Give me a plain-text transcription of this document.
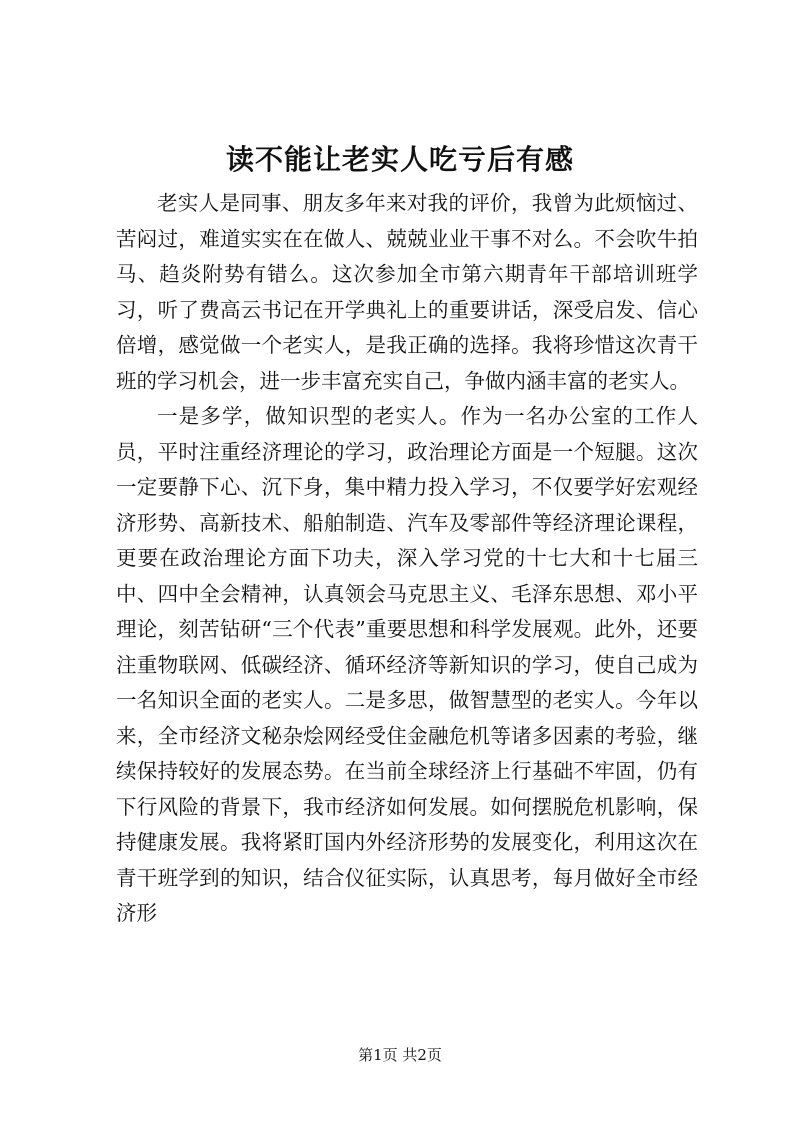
读不能让老实人吃亏后有感

老实人是同事、朋友多年来对我的评价，我曾为此烦恼过、苦闷过，难道实实在在做人、兢兢业业干事不对么。不会吹牛拍马、趋炎附势有错么。这次参加全市第六期青年干部培训班学习，听了费高云书记在开学典礼上的重要讲话，深受启发、信心倍增，感觉做一个老实人，是我正确的选择。我将珍惜这次青干班的学习机会，进一步丰富充实自己，争做内涵丰富的老实人。

一是多学，做知识型的老实人。作为一名办公室的工作人员，平时注重经济理论的学习，政治理论方面是一个短腿。这次一定要静下心、沉下身，集中精力投入学习，不仅要学好宏观经济形势、高新技术、船舶制造、汽车及零部件等经济理论课程，更要在政治理论方面下功夫，深入学习党的十七大和十七届三中、四中全会精神，认真领会马克思主义、毛泽东思想、邓小平理论，刻苦钻研“三个代表”重要思想和科学发展观。此外，还要注重物联网、低碳经济、循环经济等新知识的学习，使自己成为一名知识全面的老实人。二是多思，做智慧型的老实人。今年以来，全市经济文秘杂烩网经受住金融危机等诸多因素的考验，继续保持较好的发展态势。在当前全球经济上行基础不牢固，仍有下行风险的背景下，我市经济如何发展。如何摆脱危机影响，保持健康发展。我将紧盯国内外经济形势的发展变化，利用这次在青干班学到的知识，结合仪征实际，认真思考，每月做好全市经济形

第1页 共2页
